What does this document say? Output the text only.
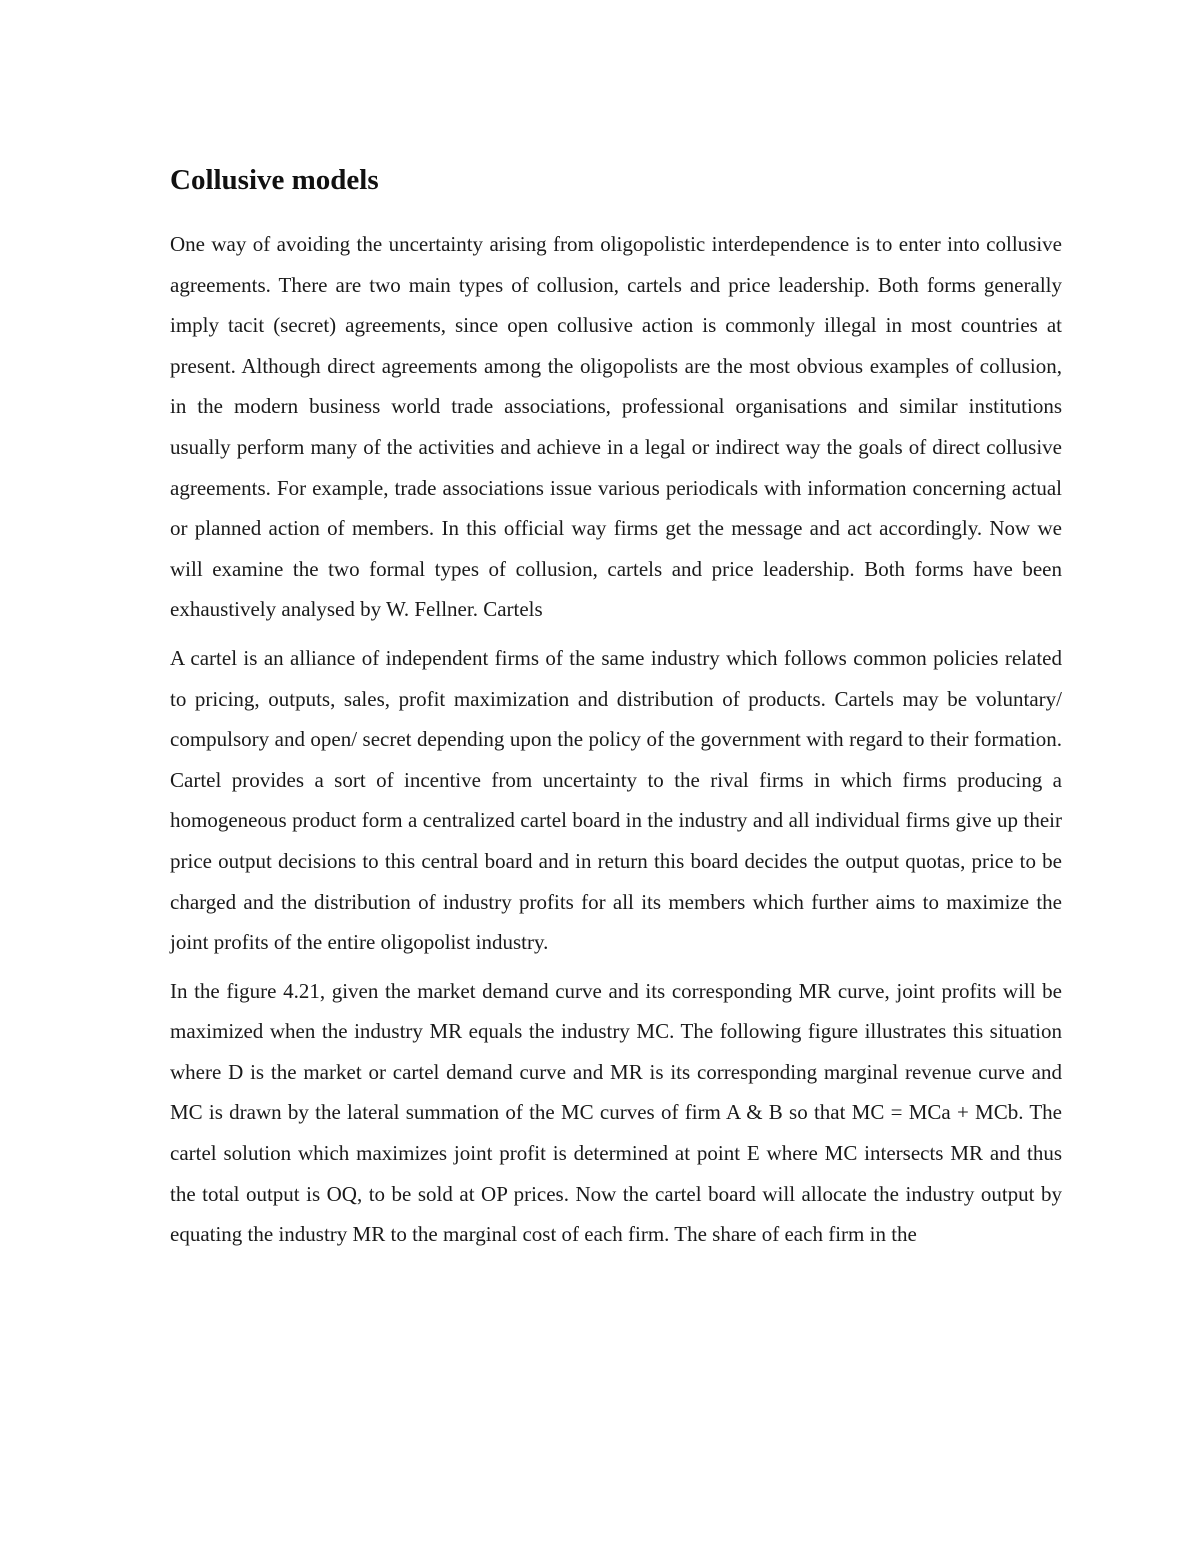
Collusive models

One way of avoiding the uncertainty arising from oligopolistic interdependence is to enter into collusive agreements. There are two main types of collusion, cartels and price leadership. Both forms generally imply tacit (secret) agreements, since open collusive action is commonly illegal in most countries at present. Although direct agreements among the oligopolists are the most obvious examples of collusion, in the modern business world trade associations, professional organisations and similar institutions usually perform many of the activities and achieve in a legal or indirect way the goals of direct collusive agreements. For example, trade associations issue various periodicals with information concerning actual or planned action of members. In this official way firms get the message and act accordingly. Now we will examine the two formal types of collusion, cartels and price leadership. Both forms have been exhaustively analysed by W. Fellner. Cartels

A cartel is an alliance of independent firms of the same industry which follows common policies related to pricing, outputs, sales, profit maximization and distribution of products. Cartels may be voluntary/ compulsory and open/ secret depending upon the policy of the government with regard to their formation. Cartel provides a sort of incentive from uncertainty to the rival firms in which firms producing a homogeneous product form a centralized cartel board in the industry and all individual firms give up their price output decisions to this central board and in return this board decides the output quotas, price to be charged and the distribution of industry profits for all its members which further aims to maximize the joint profits of the entire oligopolist industry.

In the figure 4.21, given the market demand curve and its corresponding MR curve, joint profits will be maximized when the industry MR equals the industry MC. The following figure illustrates this situation where D is the market or cartel demand curve and MR is its corresponding marginal revenue curve and MC is drawn by the lateral summation of the MC curves of firm A & B so that MC = MCa + MCb. The cartel solution which maximizes joint profit is determined at point E where MC intersects MR and thus the total output is OQ, to be sold at OP prices. Now the cartel board will allocate the industry output by equating the industry MR to the marginal cost of each firm. The share of each firm in the
